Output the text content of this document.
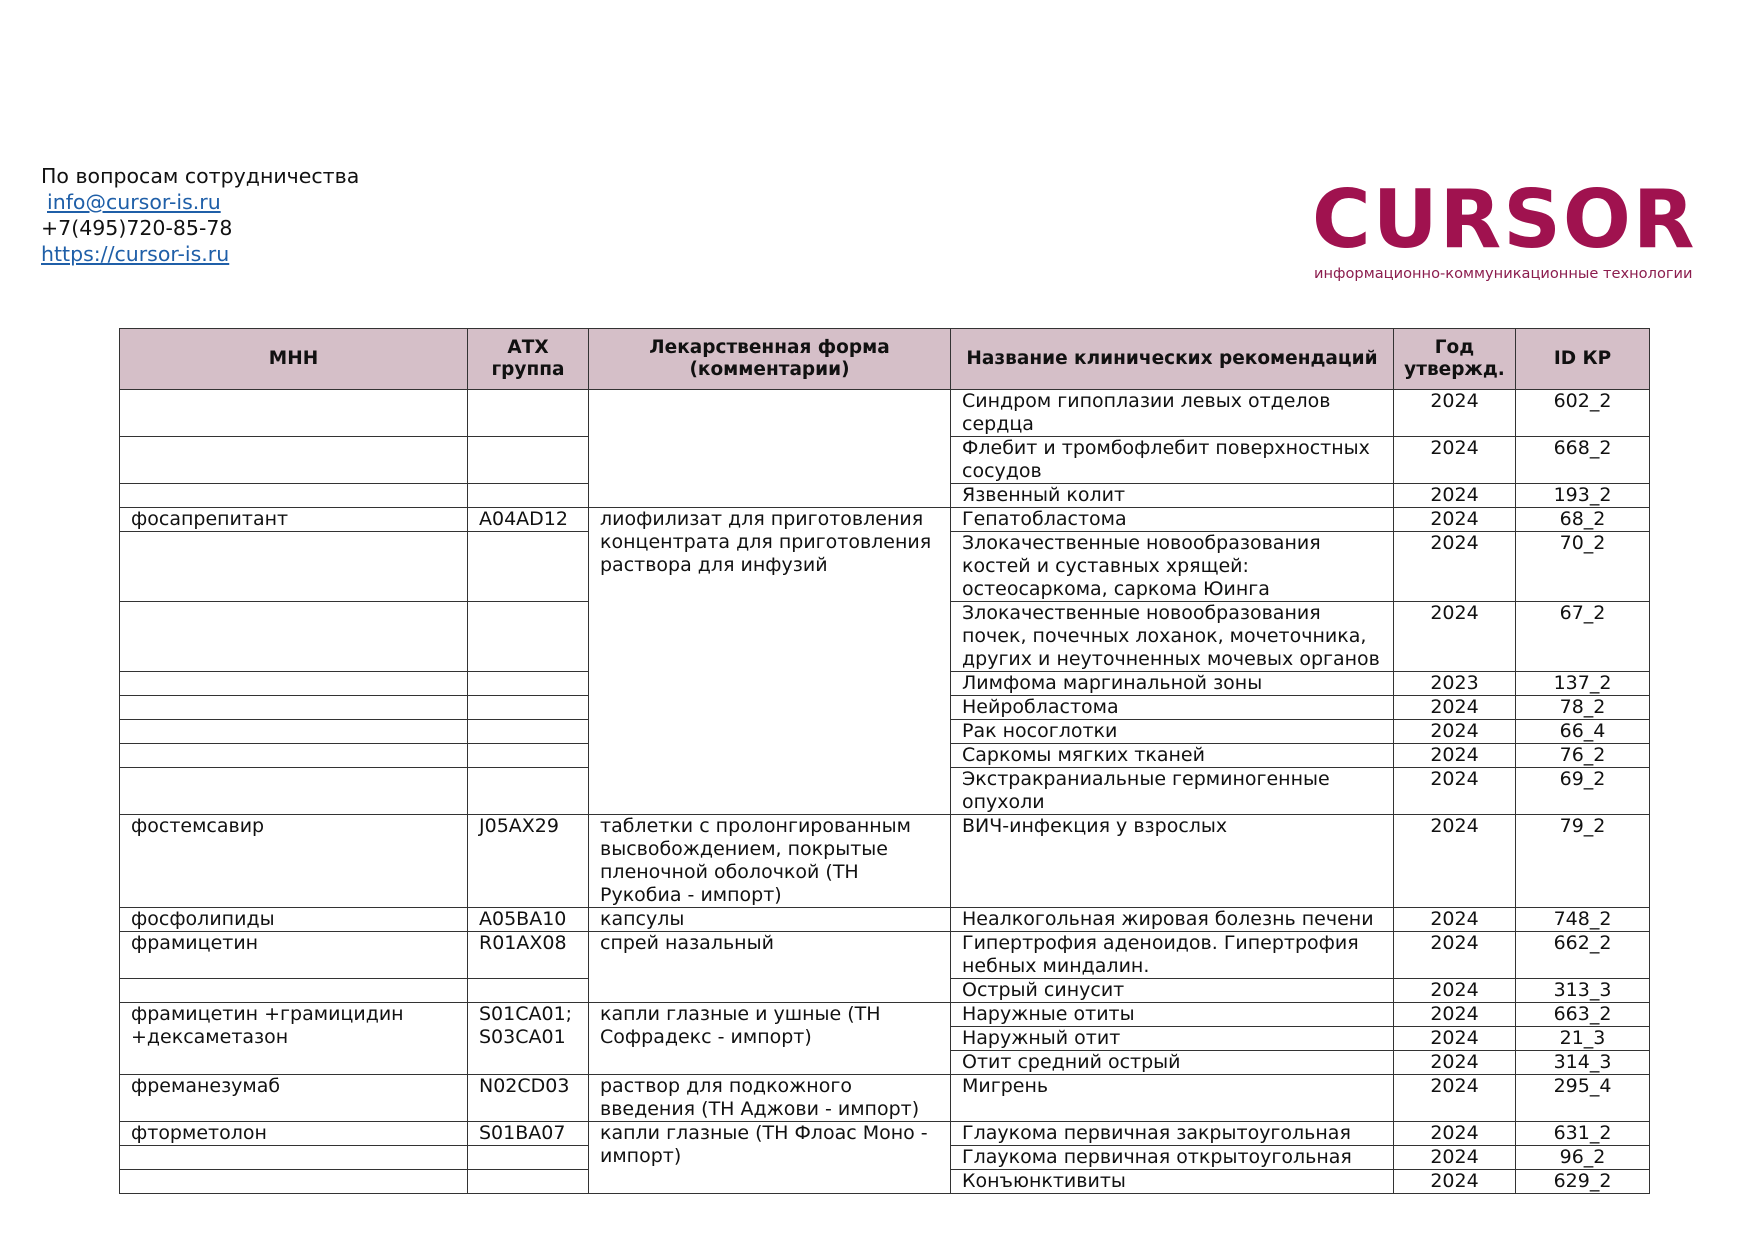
По вопросам сотрудничества
info@cursor-is.ru
+7(495)720-85-78
https://cursor-is.ru	CURSOR
информационно-коммуникационные технологии
МНН	АТХ группа	Лекарственная форма (комментарии)	Название клинических рекомендаций	Год утвержд.	ID КР
			Синдром гипоплазии левых отделов сердца	2024	602_2
			Флебит и тромбофлебит поверхностных сосудов	2024	668_2
			Язвенный колит	2024	193_2
фосапрепитант	A04AD12	лиофилизат для приготовления концентрата для приготовления раствора для инфузий	Гепатобластома	2024	68_2
			Злокачественные новообразования костей и суставных хрящей: остеосаркома, саркома Юинга	2024	70_2
			Злокачественные новообразования почек, почечных лоханок, мочеточника, других и неуточненных мочевых органов	2024	67_2
			Лимфома маргинальной зоны	2023	137_2
			Нейробластома	2024	78_2
			Рак носоглотки	2024	66_4
			Саркомы мягких тканей	2024	76_2
			Экстракраниальные герминогенные опухоли	2024	69_2
фостемсавир	J05AX29	таблетки с пролонгированным высвобождением, покрытые пленочной оболочкой (ТН Рукобиа - импорт)	ВИЧ-инфекция у взрослых	2024	79_2
фосфолипиды	A05BA10	капсулы	Неалкогольная жировая болезнь печени	2024	748_2
фрамицетин	R01AX08	спрей назальный	Гипертрофия аденоидов. Гипертрофия небных миндалин.	2024	662_2
			Острый синусит	2024	313_3
фрамицетин +грамицидин +дексаметазон	S01CA01; S03CA01	капли глазные и ушные (ТН Софрадекс - импорт)	Наружные отиты	2024	663_2
			Наружный отит	2024	21_3
			Отит средний острый	2024	314_3
фреманезумаб	N02CD03	раствор для подкожного введения (ТН Аджови - импорт)	Мигрень	2024	295_4
фторметолон	S01BA07	капли глазные (ТН Флоас Моно - импорт)	Глаукома первичная закрытоугольная	2024	631_2
			Глаукома первичная открытоугольная	2024	96_2
			Конъюнктивиты	2024	629_2
